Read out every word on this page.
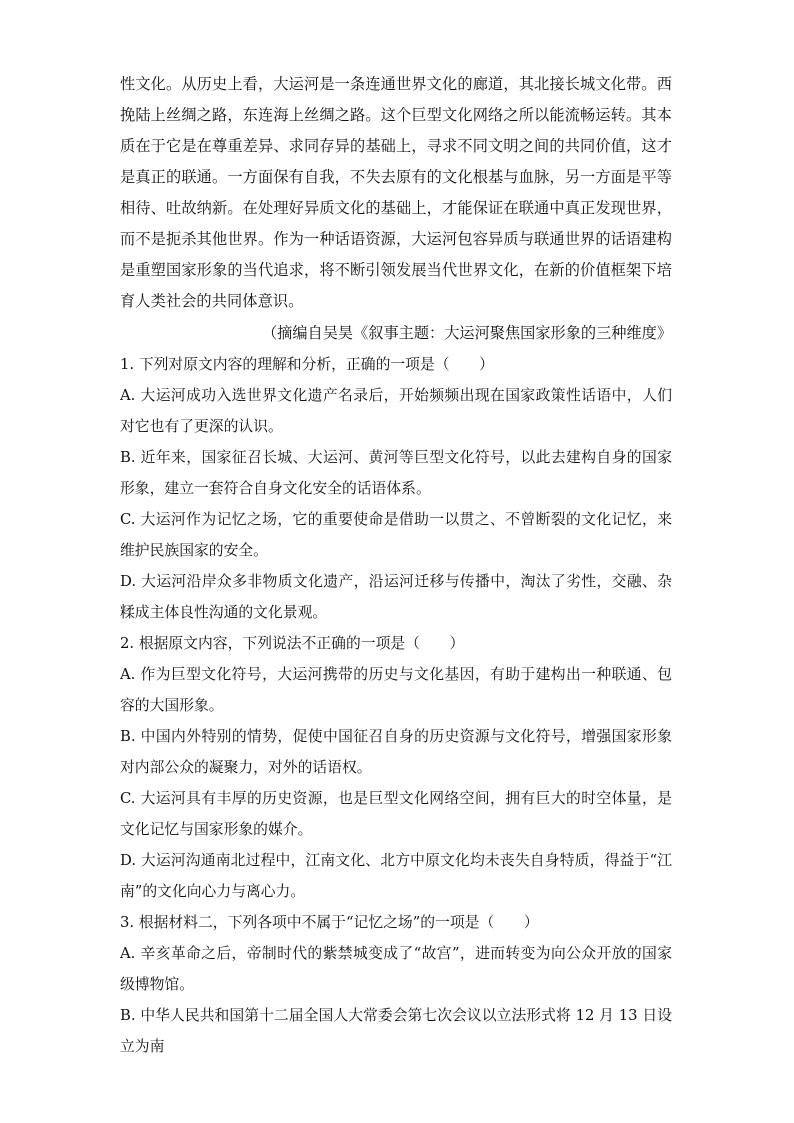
性文化。从历史上看，大运河是一条连通世界文化的廊道，其北接长城文化带。西挽陆上丝绸之路，东连海上丝绸之路。这个巨型文化网络之所以能流畅运转。其本质在于它是在尊重差异、求同存异的基础上，寻求不同文明之间的共同价值，这才是真正的联通。一方面保有自我，不失去原有的文化根基与血脉，另一方面是平等相待、吐故纳新。在处理好异质文化的基础上，才能保证在联通中真正发现世界，而不是扼杀其他世界。作为一种话语资源，大运河包容异质与联通世界的话语建构是重塑国家形象的当代追求，将不断引领发展当代世界文化，在新的价值框架下培育人类社会的共同体意识。

（摘编自吴昊《叙事主题：大运河聚焦国家形象的三种维度》

1. 下列对原文内容的理解和分析，正确的一项是（　　）

A. 大运河成功入选世界文化遗产名录后，开始频频出现在国家政策性话语中，人们对它也有了更深的认识。

B. 近年来，国家征召长城、大运河、黄河等巨型文化符号，以此去建构自身的国家形象，建立一套符合自身文化安全的话语体系。

C. 大运河作为记忆之场，它的重要使命是借助一以贯之、不曾断裂的文化记忆，来维护民族国家的安全。

D. 大运河沿岸众多非物质文化遗产，沿运河迁移与传播中，淘汰了劣性，交融、杂糅成主体良性沟通的文化景观。

2. 根据原文内容，下列说法不正确的一项是（　　）

A. 作为巨型文化符号，大运河携带的历史与文化基因，有助于建构出一种联通、包容的大国形象。

B. 中国内外特别的情势，促使中国征召自身的历史资源与文化符号，增强国家形象对内部公众的凝聚力，对外的话语权。

C. 大运河具有丰厚的历史资源，也是巨型文化网络空间，拥有巨大的时空体量，是文化记忆与国家形象的媒介。

D. 大运河沟通南北过程中，江南文化、北方中原文化均未丧失自身特质，得益于“江南”的文化向心力与离心力。

3. 根据材料二，下列各项中不属于“记忆之场”的一项是（　　）

A. 辛亥革命之后，帝制时代的紫禁城变成了“故宫”，进而转变为向公众开放的国家级博物馆。

B. 中华人民共和国第十二届全国人大常委会第七次会议以立法形式将 12 月 13 日设立为南
